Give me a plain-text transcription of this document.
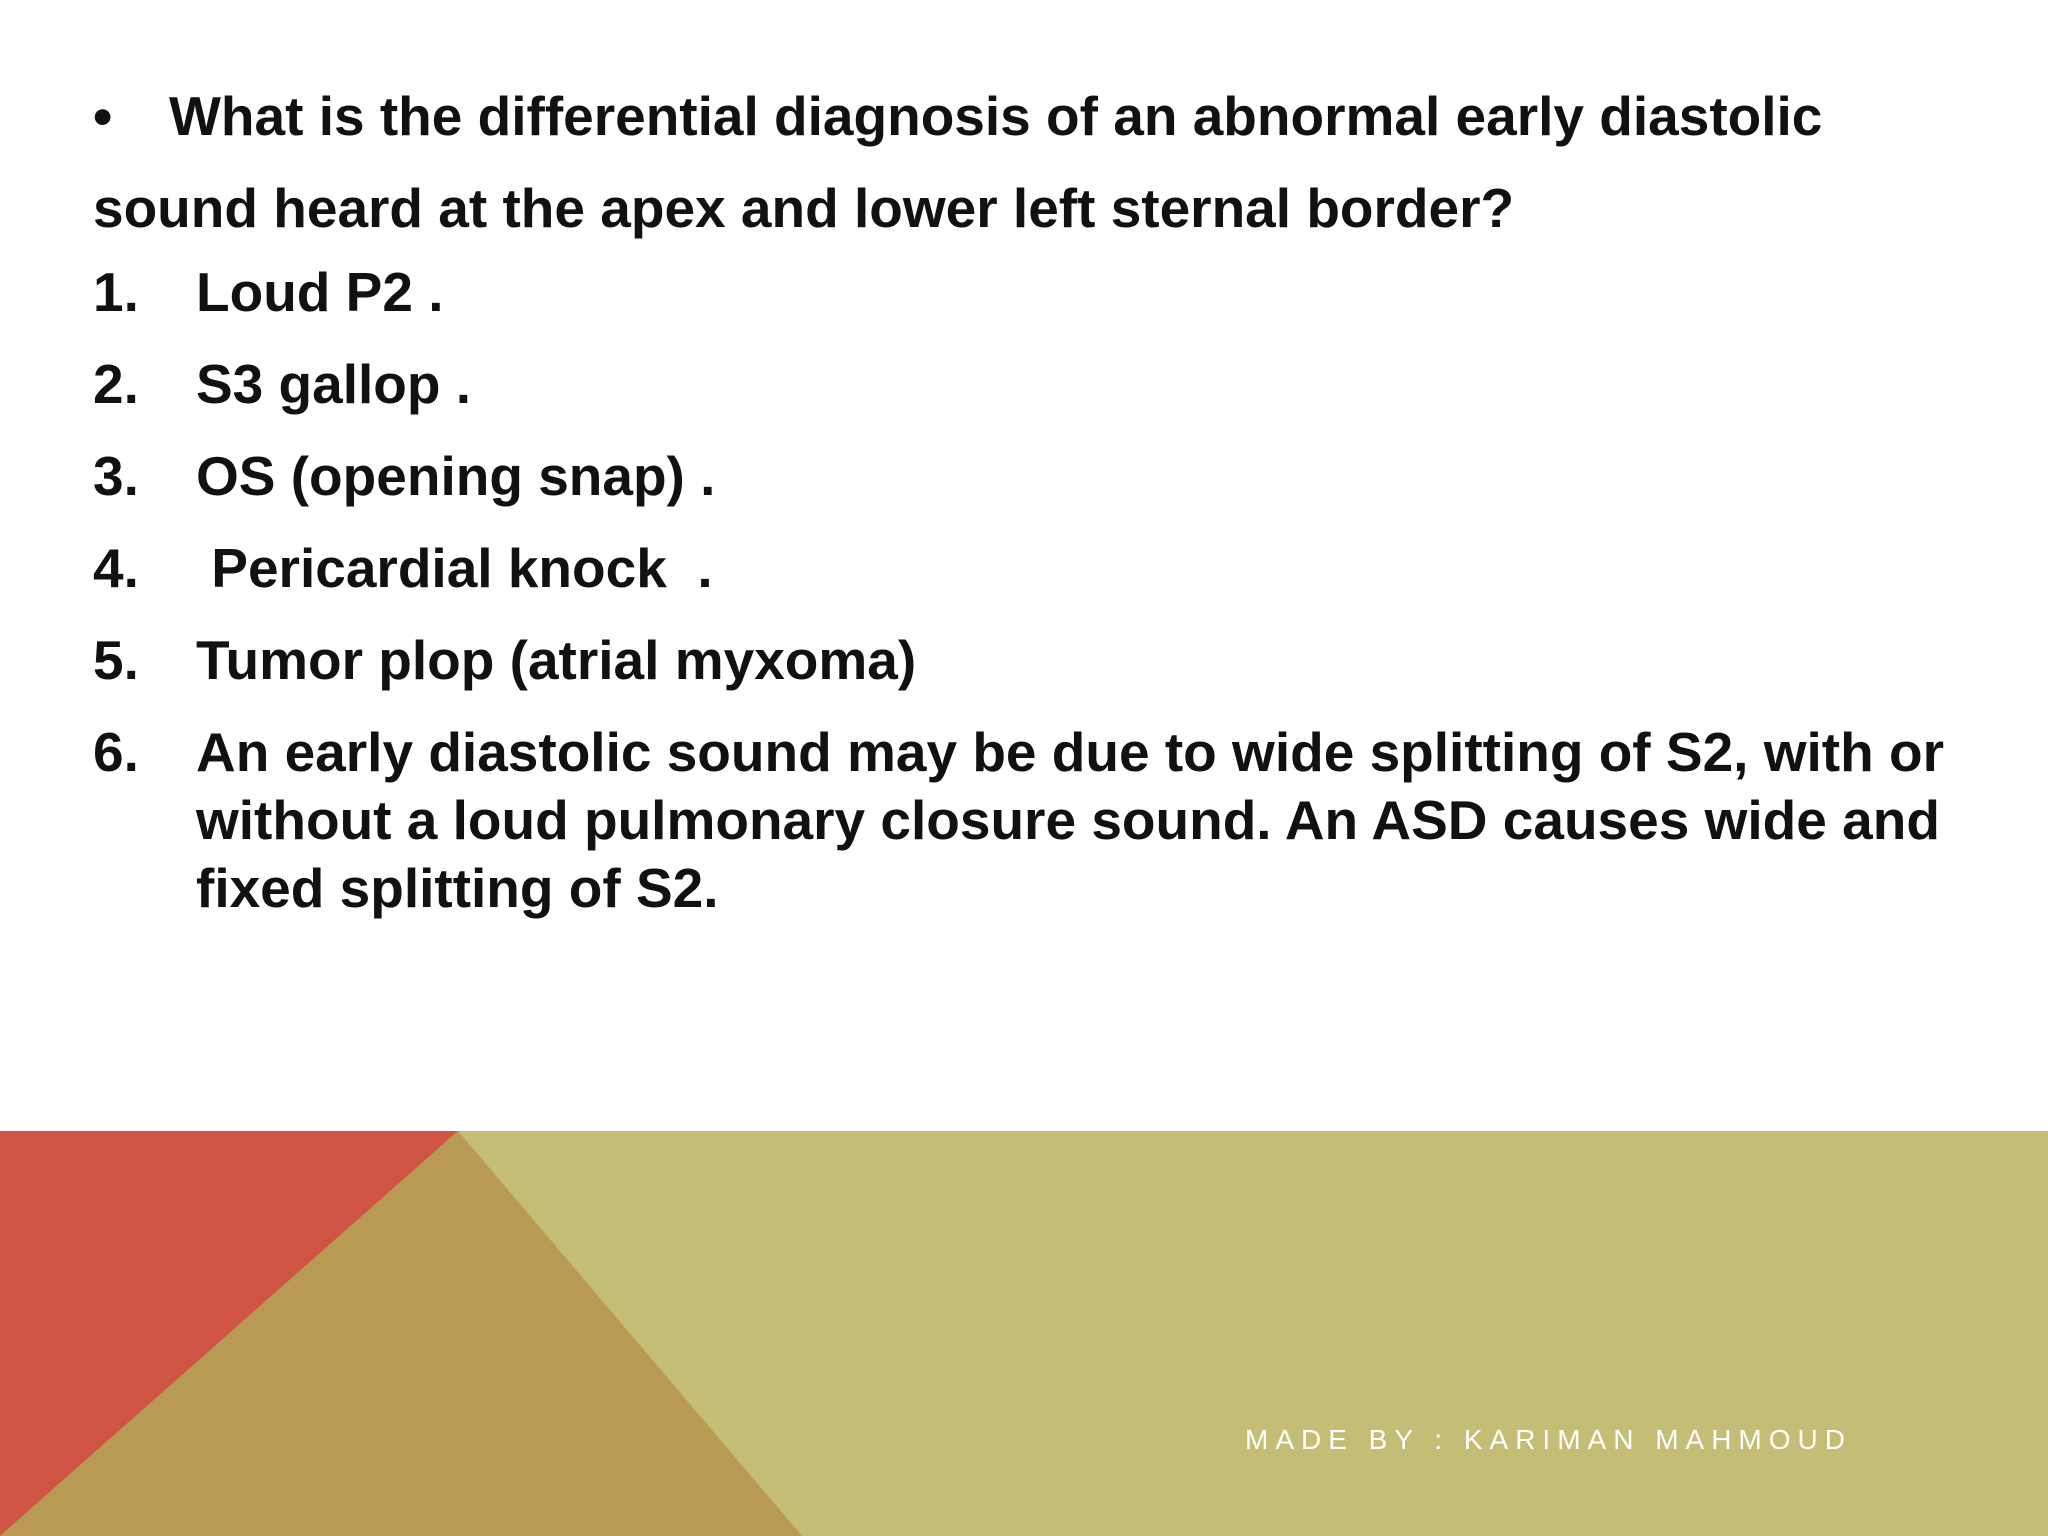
• What is the differential diagnosis of an abnormal early diastolic sound heard at the apex and lower left sternal border?

1. Loud P2 .
2. S3 gallop .
3. OS (opening snap) .
4. Pericardial knock  .
5. Tumor plop (atrial myxoma)
6. An early diastolic sound may be due to wide splitting of S2, with or without a loud pulmonary closure sound. An ASD causes wide and fixed splitting of S2.
MADE BY : KARIMAN MAHMOUD
